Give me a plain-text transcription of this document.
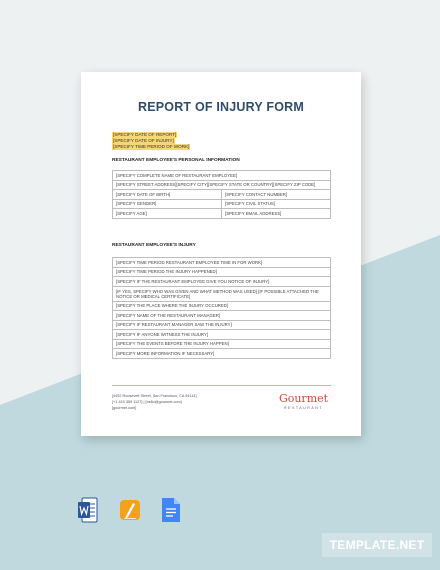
REPORT OF INJURY FORM
[SPECIFY DATE OF REPORT]
[SPECIFY DATE OF INJURY]
[SPECIFY TIME PERIOD OF WORK]
RESTAURANT EMPLOYEE'S PERSONAL INFORMATION
[SPECIFY COMPLETE NAME OF RESTAURANT EMPLOYEE]	
[SPECIFY STREET ADDRESS][SPECIFY CITY][SPECIFY STATE OR COUNTRY][SPECIFY ZIP CODE]	
[SPECIFY DATE OF BIRTH]	[SPECIFY CONTACT NUMBER]
[SPECIFY GENDER]	[SPECIFY CIVIL STATUS]
[SPECIFY AGE]	[SPECIFY EMAIL ADDRESS]
RESTAURANT EMPLOYEE'S INJURY
[SPECIFY TIME PERIOD RESTAURANT EMPLOYEE TIME IN FOR WORK]
[SPECIFY TIME PERIOD THE INJURY HAPPENED]
[SPECIFY IF THE RESTAURANT EMPLOYEE GIVE YOU NOTICE OF INJURY]
[IF YES, SPECIFY WHO WAS GIVEN AND WHAT METHOD WAS USED] [IF POSSIBLE ATTACHED THE NOTICE OR MEDICAL CERTIFICATE]
[SPECIFY THE PLACE WHERE THE INJURY OCCURED]
[SPECIFY NAME OF THE RESTAURANT MANAGER]
[SPECIFY IF RESTAURANT MANAGER SAW THE INJURY]
[SPECIFY IF ANYONE WITNESS THE INJURY]
[SPECIFY THE EVENTS BEFORE THE INJURY HAPPEN]
[SPECIFY MORE INFORMATION IF NECESSARY]
[4452 Roosevelt Street, San Francisco, CA 94114]
[+1 415 359 1127] | [hello@gourmet.com]
[gourmet.com]
Gourmet
RESTAURANT
TEMPLATE.NET
